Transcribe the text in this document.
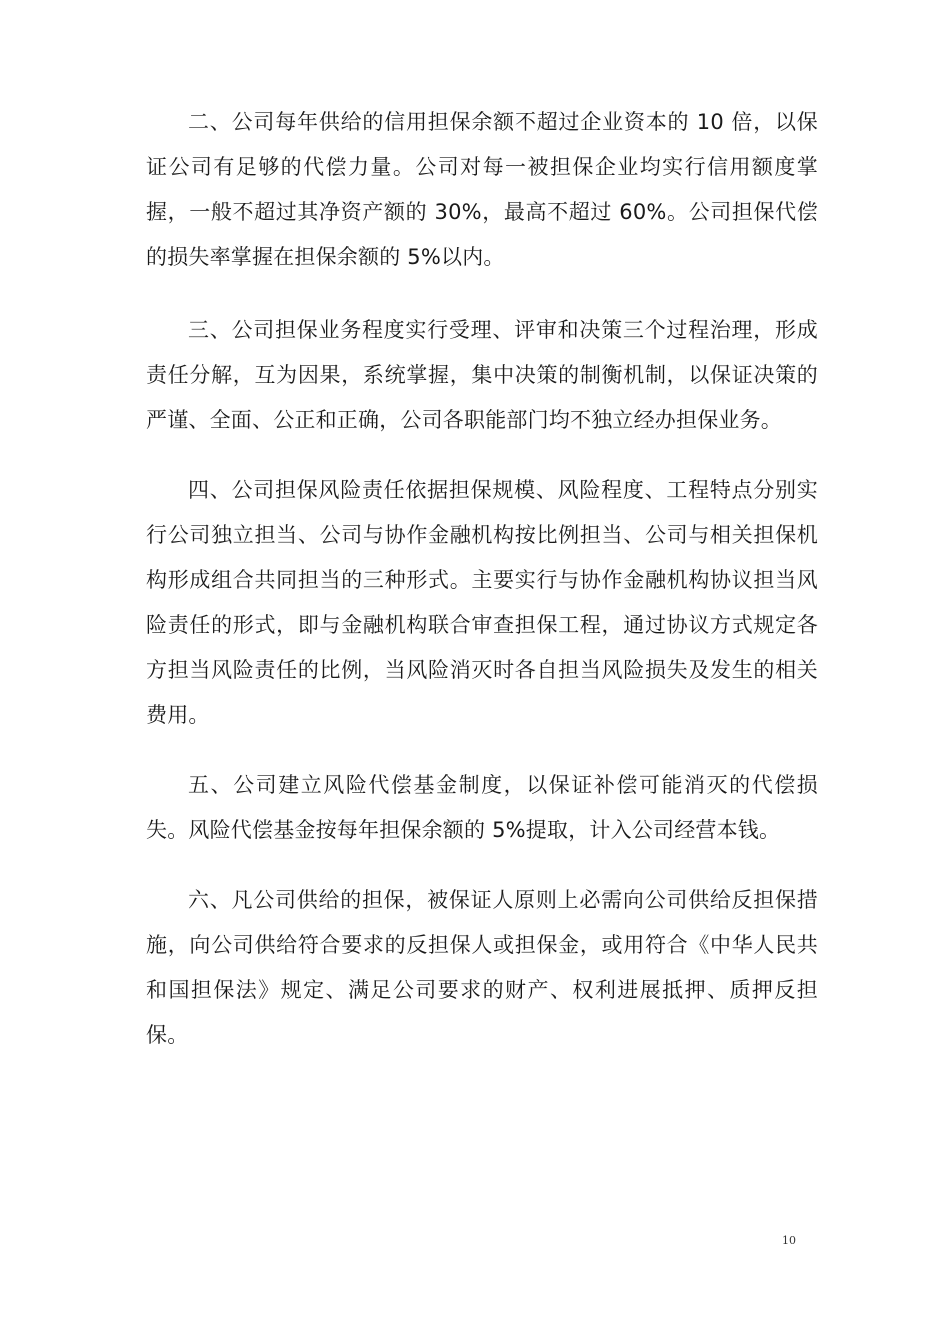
二、公司每年供给的信用担保余额不超过企业资本的 10 倍，以保证公司有足够的代偿力量。公司对每一被担保企业均实行信用额度掌握，一般不超过其净资产额的 30%，最高不超过 60%。公司担保代偿的损失率掌握在担保余额的 5%以内。

三、公司担保业务程度实行受理、评审和决策三个过程治理，形成责任分解，互为因果，系统掌握，集中决策的制衡机制，以保证决策的严谨、全面、公正和正确，公司各职能部门均不独立经办担保业务。

四、公司担保风险责任依据担保规模、风险程度、工程特点分别实行公司独立担当、公司与协作金融机构按比例担当、公司与相关担保机构形成组合共同担当的三种形式。主要实行与协作金融机构协议担当风险责任的形式，即与金融机构联合审查担保工程，通过协议方式规定各方担当风险责任的比例，当风险消灭时各自担当风险损失及发生的相关费用。

五、公司建立风险代偿基金制度，以保证补偿可能消灭的代偿损失。风险代偿基金按每年担保余额的 5%提取，计入公司经营本钱。

六、凡公司供给的担保，被保证人原则上必需向公司供给反担保措施，向公司供给符合要求的反担保人或担保金，或用符合《中华人民共和国担保法》规定、满足公司要求的财产、权利进展抵押、质押反担保。

10
